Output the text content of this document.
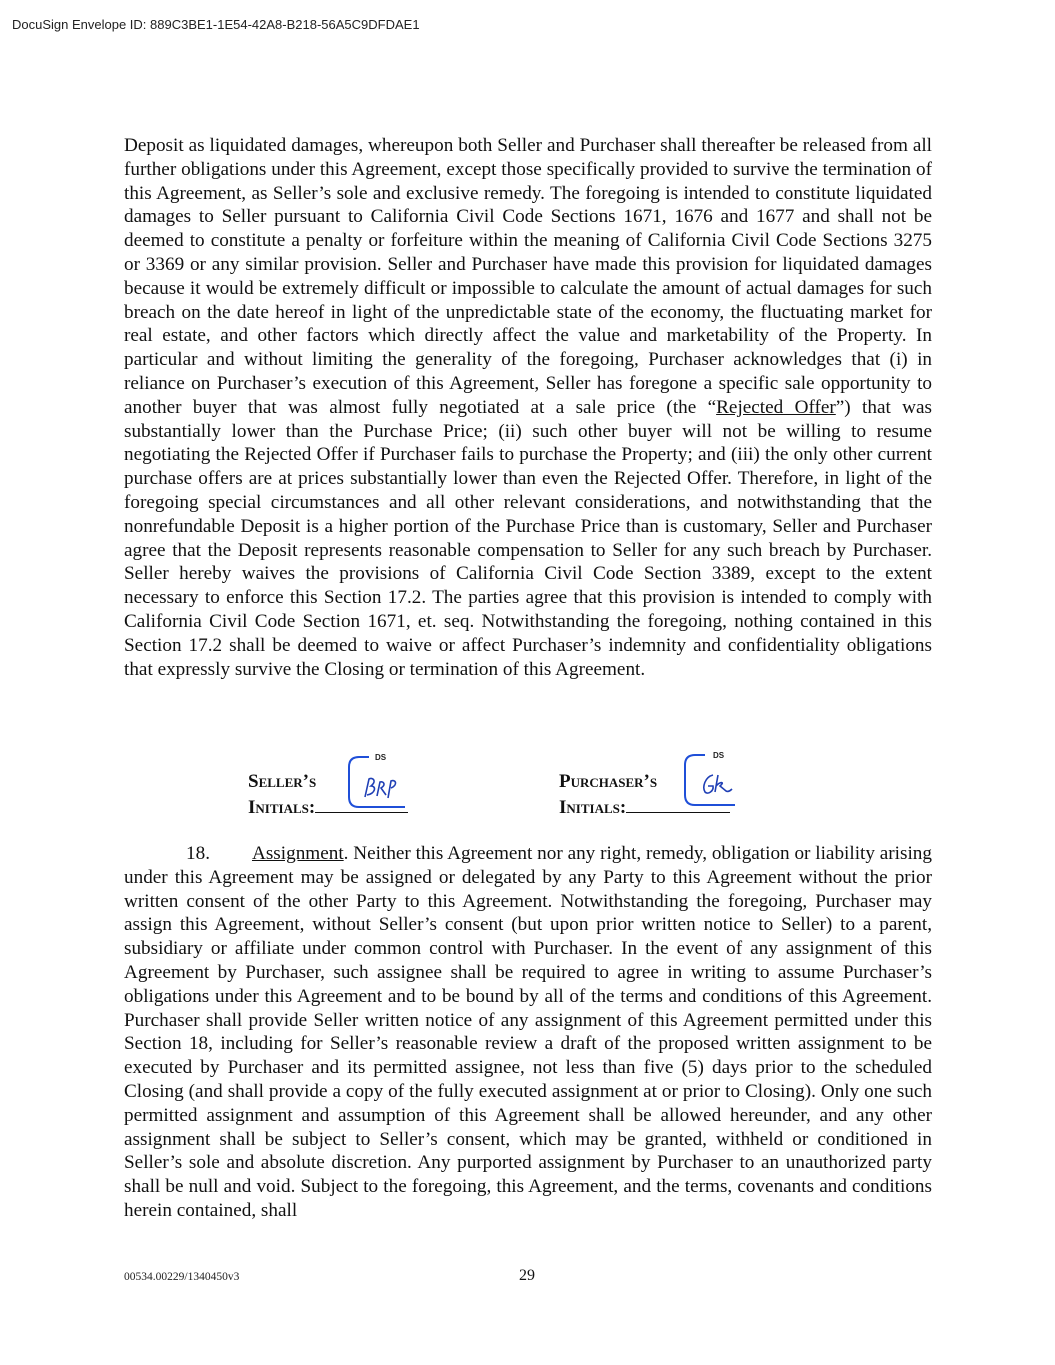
DocuSign Envelope ID: 889C3BE1-1E54-42A8-B218-56A5C9DFDAE1

Deposit as liquidated damages, whereupon both Seller and Purchaser shall thereafter be released from all further obligations under this Agreement, except those specifically provided to survive the termination of this Agreement, as Seller’s sole and exclusive remedy. The foregoing is intended to constitute liquidated damages to Seller pursuant to California Civil Code Sections 1671, 1676 and 1677 and shall not be deemed to constitute a penalty or forfeiture within the meaning of California Civil Code Sections 3275 or 3369 or any similar provision. Seller and Purchaser have made this provision for liquidated damages because it would be extremely difficult or impossible to calculate the amount of actual damages for such breach on the date hereof in light of the unpredictable state of the economy, the fluctuating market for real estate, and other factors which directly affect the value and marketability of the Property. In particular and without limiting the generality of the foregoing, Purchaser acknowledges that (i) in reliance on Purchaser’s execution of this Agreement, Seller has foregone a specific sale opportunity to another buyer that was almost fully negotiated at a sale price (the “Rejected Offer”) that was substantially lower than the Purchase Price; (ii) such other buyer will not be willing to resume negotiating the Rejected Offer if Purchaser fails to purchase the Property; and (iii) the only other current purchase offers are at prices substantially lower than even the Rejected Offer. Therefore, in light of the foregoing special circumstances and all other relevant considerations, and notwithstanding that the nonrefundable Deposit is a higher portion of the Purchase Price than is customary, Seller and Purchaser agree that the Deposit represents reasonable compensation to Seller for any such breach by Purchaser. Seller hereby waives the provisions of California Civil Code Section 3389, except to the extent necessary to enforce this Section 17.2. The parties agree that this provision is intended to comply with California Civil Code Section 1671, et. seq. Notwithstanding the foregoing, nothing contained in this Section 17.2 shall be deemed to waive or affect Purchaser’s indemnity and confidentiality obligations that expressly survive the Closing or termination of this Agreement.

Seller’s
Initials:
DS
Purchaser’s
Initials:
DS

18. Assignment. Neither this Agreement nor any right, remedy, obligation or liability arising under this Agreement may be assigned or delegated by any Party to this Agreement without the prior written consent of the other Party to this Agreement. Notwithstanding the foregoing, Purchaser may assign this Agreement, without Seller’s consent (but upon prior written notice to Seller) to a parent, subsidiary or affiliate under common control with Purchaser. In the event of any assignment of this Agreement by Purchaser, such assignee shall be required to agree in writing to assume Purchaser’s obligations under this Agreement and to be bound by all of the terms and conditions of this Agreement. Purchaser shall provide Seller written notice of any assignment of this Agreement permitted under this Section 18, including for Seller’s reasonable review a draft of the proposed written assignment to be executed by Purchaser and its permitted assignee, not less than five (5) days prior to the scheduled Closing (and shall provide a copy of the fully executed assignment at or prior to Closing). Only one such permitted assignment and assumption of this Agreement shall be allowed hereunder, and any other assignment shall be subject to Seller’s consent, which may be granted, withheld or conditioned in Seller’s sole and absolute discretion. Any purported assignment by Purchaser to an unauthorized party shall be null and void. Subject to the foregoing, this Agreement, and the terms, covenants and conditions herein contained, shall

00534.00229/1340450v3	29
